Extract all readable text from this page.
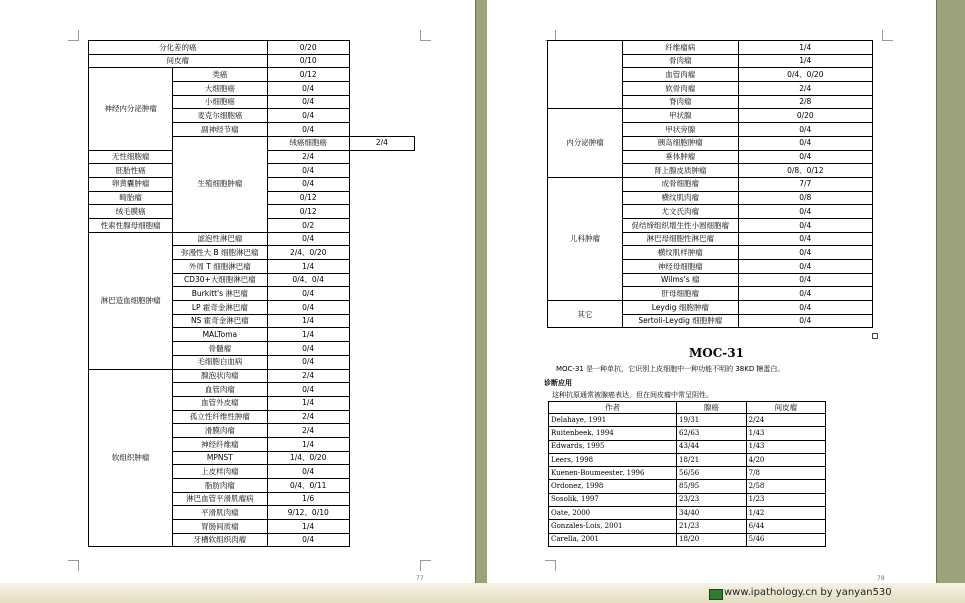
分化差的癌		0/20	
间皮瘤		0/10	
神经内分泌肿瘤	类癌	0/12	
	大细胞癌	0/4	
	小细胞癌	0/4	
	麦克尔细胞癌	0/4	
	副神经节瘤	0/4	
	生殖细胞肿瘤	绒癌细胞癌	2/4
无性细胞瘤		2/4	
胚胎性癌		0/4	
卵黄囊肿瘤		0/4	
畸胎瘤		0/12	
绒毛膜癌		0/12	
性索性腺母细胞瘤		0/2	
淋巴造血细胞肿瘤	滤泡性淋巴瘤	0/4	
	弥漫性大 B 细胞淋巴瘤	2/4、0/20	
	外周 T 细胞淋巴瘤	1/4	
	CD30+大细胞淋巴瘤	0/4、0/4	
	Burkitt's 淋巴瘤	0/4	
	LP 霍奇金淋巴瘤	0/4	
	NS 霍奇金淋巴瘤	1/4	
	MALToma	1/4	
	骨髓瘤	0/4	
	毛细胞白血病	0/4	
软组织肿瘤	腺泡状肉瘤	2/4	
	血管肉瘤	0/4	
	血管外皮瘤	1/4	
	孤立性纤维性肿瘤	2/4	
	滑膜肉瘤	2/4	
	神经纤维瘤	1/4	
	MPNST	1/4、0/20	
	上皮样肉瘤	0/4	
	脂肪肉瘤	0/4、0/11	
	淋巴血管平滑肌瘤病	1/6	
	平滑肌肉瘤	9/12、0/10	
	胃肠间质瘤	1/4	
	牙槽软组织肉瘤	0/4	
77
	纤维瘤病	1/4
	骨肉瘤	1/4
	血管肉瘤	0/4、0/20
	软骨肉瘤	2/4
	脊肉瘤	2/8
内分泌肿瘤	甲状腺	0/20
	甲状旁腺	0/4
	胰岛细胞肿瘤	0/4
	垂体肿瘤	0/4
	肾上腺皮质肿瘤	0/8、0/12
儿科肿瘤	成骨细胞瘤	7/7
	横纹肌肉瘤	0/8
	尤文氏肉瘤	0/4
	促结缔组织增生性小圆细胞瘤	0/4
	淋巴母细胞性淋巴瘤	0/4
	横纹肌样肿瘤	0/4
	神经母细胞瘤	0/4
	Wilms's 瘤	0/4
	肝母细胞瘤	0/4
其它	Leydig 细胞肿瘤	0/4
	Sertoli-Leydig 细胞肿瘤	0/4
78
MOC-31
MOC-31 是一种单抗，它识别上皮细胞中一种功能不明的 38KD 糖蛋白。
诊断应用
这种抗原通常被腺癌表达，但在间皮瘤中常呈阴性。
作者	腺癌	间皮瘤
Delahaye, 1991	19/31	2/24
Ruitenbeek, 1994	62/63	1/43
Edwards, 1995	43/44	1/43
Leers, 1998	18/21	4/20
Kuenen-Boumeester, 1996	56/56	7/8
Ordonez, 1998	85/95	2/58
Sosolik, 1997	23/23	1/23
Oate, 2000	34/40	1/42
Gonzales-Lois, 2001	21/23	6/44
Carella, 2001	18/20	5/46
www.ipathology.cn by yanyan530
